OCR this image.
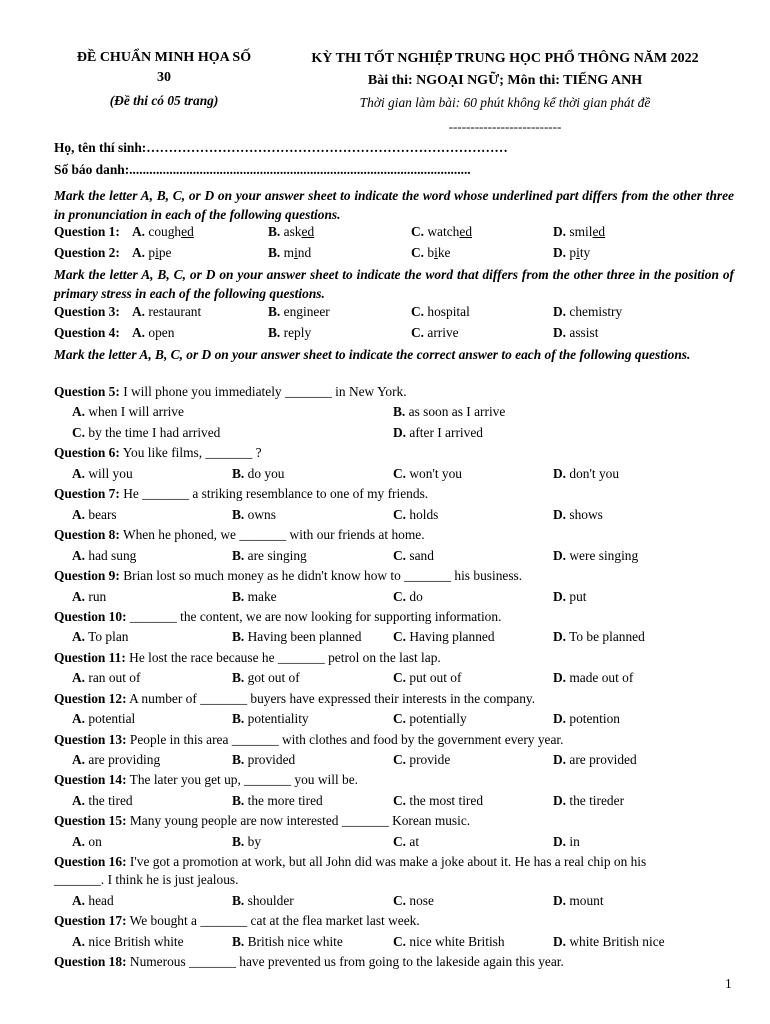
ĐỀ CHUẨN MINH HỌA SỐ
30
(Đề thi có 05 trang)
KỲ THI TỐT NGHIỆP TRUNG HỌC PHỔ THÔNG NĂM 2022
Bài thi: NGOẠI NGỮ; Môn thi: TIẾNG ANH
Thời gian làm bài: 60 phút không kể thời gian phát đề
--------------------------
Họ, tên thí sinh:………………………………………………………………………
Số báo danh:......................................................................................................
Mark the letter A, B, C, or D on your answer sheet to indicate the word whose underlined part differs from the other three in pronunciation in each of the following questions.
Question 1: A. coughed	B. asked	C. watched	D. smiled
Question 2: A. pipe	B. mind	C. bike	D. pity
Mark the letter A, B, C, or D on your answer sheet to indicate the word that differs from the other three in the position of primary stress in each of the following questions.
Question 3: A. restaurant	B. engineer	C. hospital	D. chemistry
Question 4: A. open	B. reply	C. arrive	D. assist
Mark the letter A, B, C, or D on your answer sheet to indicate the correct answer to each of the following questions.
Question 5: I will phone you immediately _______ in New York.
A. when I will arrive	B. as soon as I arrive
C. by the time I had arrived	D. after I arrived
Question 6: You like films, _______ ?
A. will you	B. do you	C. won't you	D. don't you
Question 7: He _______ a striking resemblance to one of my friends.
A. bears	B. owns	C. holds	D. shows
Question 8: When he phoned, we _______ with our friends at home.
A. had sung	B. are singing	C. sand	D. were singing
Question 9: Brian lost so much money as he didn't know how to _______ his business.
A. run	B. make	C. do	D. put
Question 10: _______ the content, we are now looking for supporting information.
A. To plan	B. Having been planned C. Having planned	D. To be planned
Question 11: He lost the race because he _______ petrol on the last lap.
A. ran out of	B. got out of	C. put out of	D. made out of
Question 12: A number of _______ buyers have expressed their interests in the company.
A. potential	B. potentiality	C. potentially	D. potention
Question 13: People in this area _______ with clothes and food by the government every year.
A. are providing	B. provided	C. provide	D. are provided
Question 14: The later you get up, _______ you will be.
A. the tired	B. the more tired	C. the most tired	D. the tireder
Question 15: Many young people are now interested _______ Korean music.
A. on	B. by	C. at	D. in
Question 16: I've got a promotion at work, but all John did was make a joke about it. He has a real chip on his
_______. I think he is just jealous.
A. head	B. shoulder	C. nose	D. mount
Question 17: We bought a _______ cat at the flea market last week.
A. nice British white	B. British nice white	C. nice white British	D. white British nice
Question 18: Numerous _______ have prevented us from going to the lakeside again this year.
1
